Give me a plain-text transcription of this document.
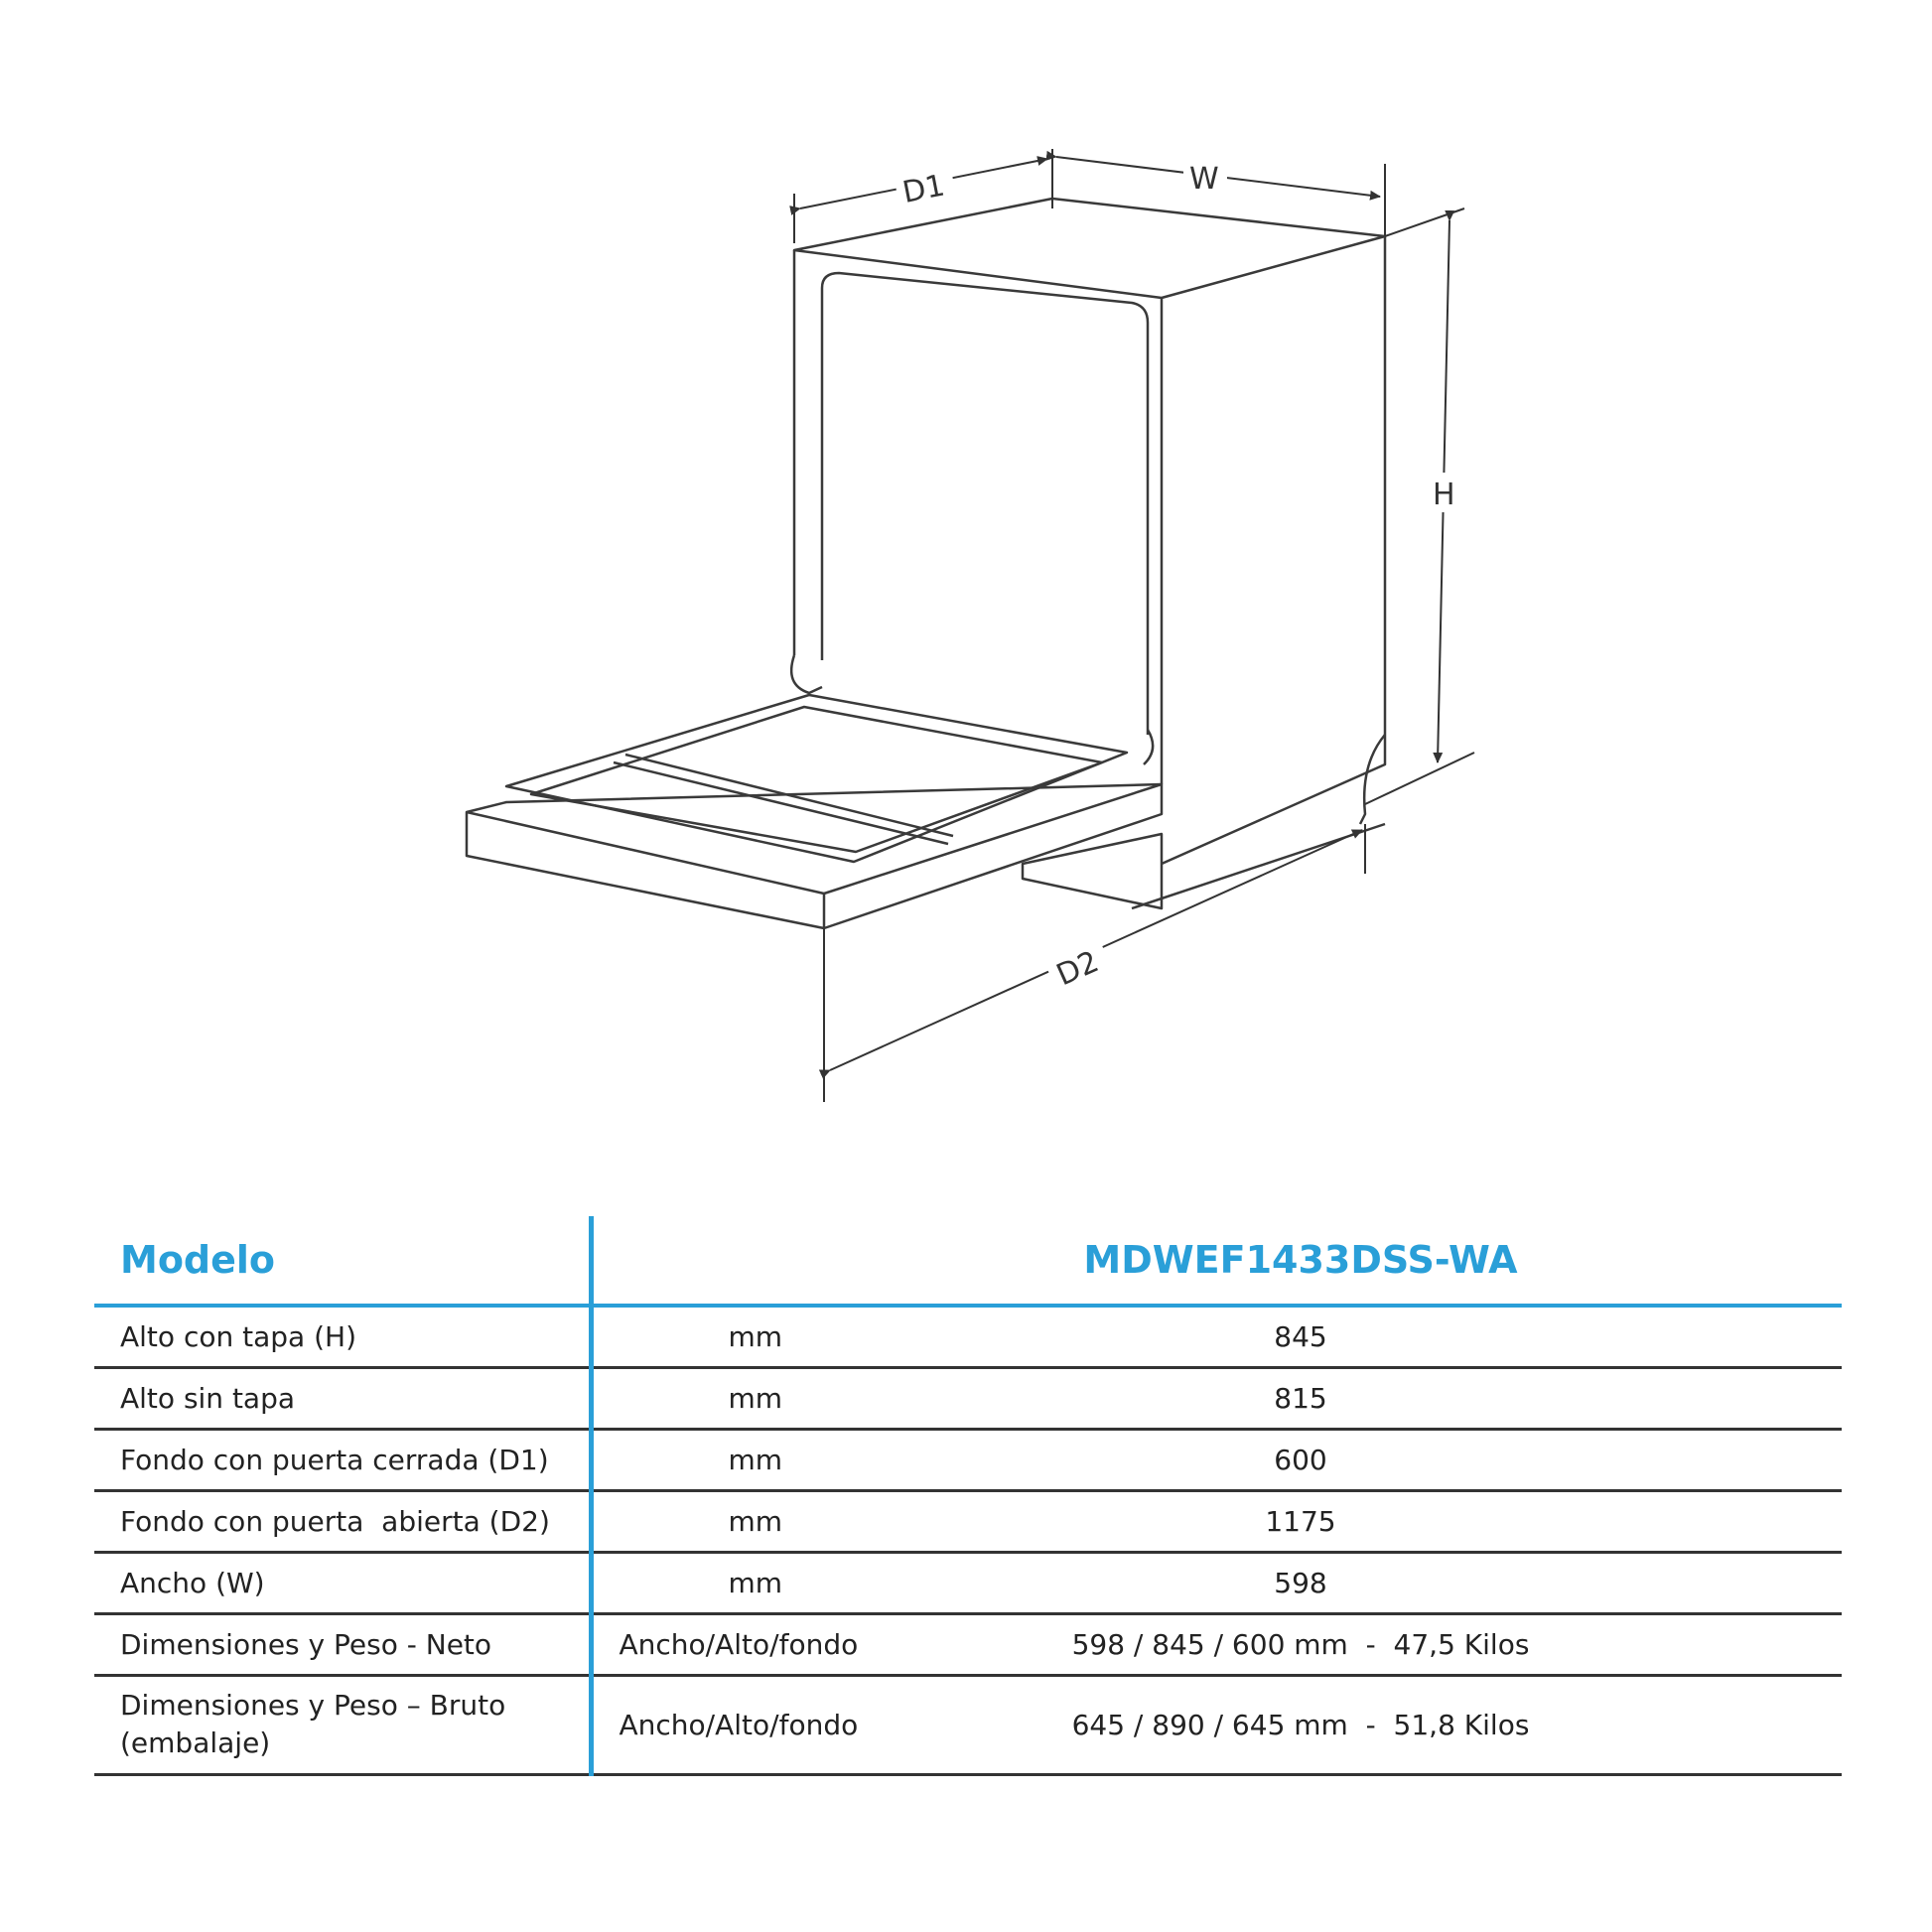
D1	W
H
D2
Modelo		MDWEF1433DSS-WA
Alto con tapa (H)	mm	845
Alto sin tapa	mm	815
Fondo con puerta cerrada (D1)	mm	600
Fondo con puerta  abierta (D2)	mm	1175
Ancho (W)	mm	598
Dimensiones y Peso - Neto	Ancho/Alto/fondo	598 / 845 / 600 mm  -  47,5 Kilos

Dimensiones y Peso – Bruto
(embalaje)	Ancho/Alto/fondo	645 / 890 / 645 mm  -  51,8 Kilos
